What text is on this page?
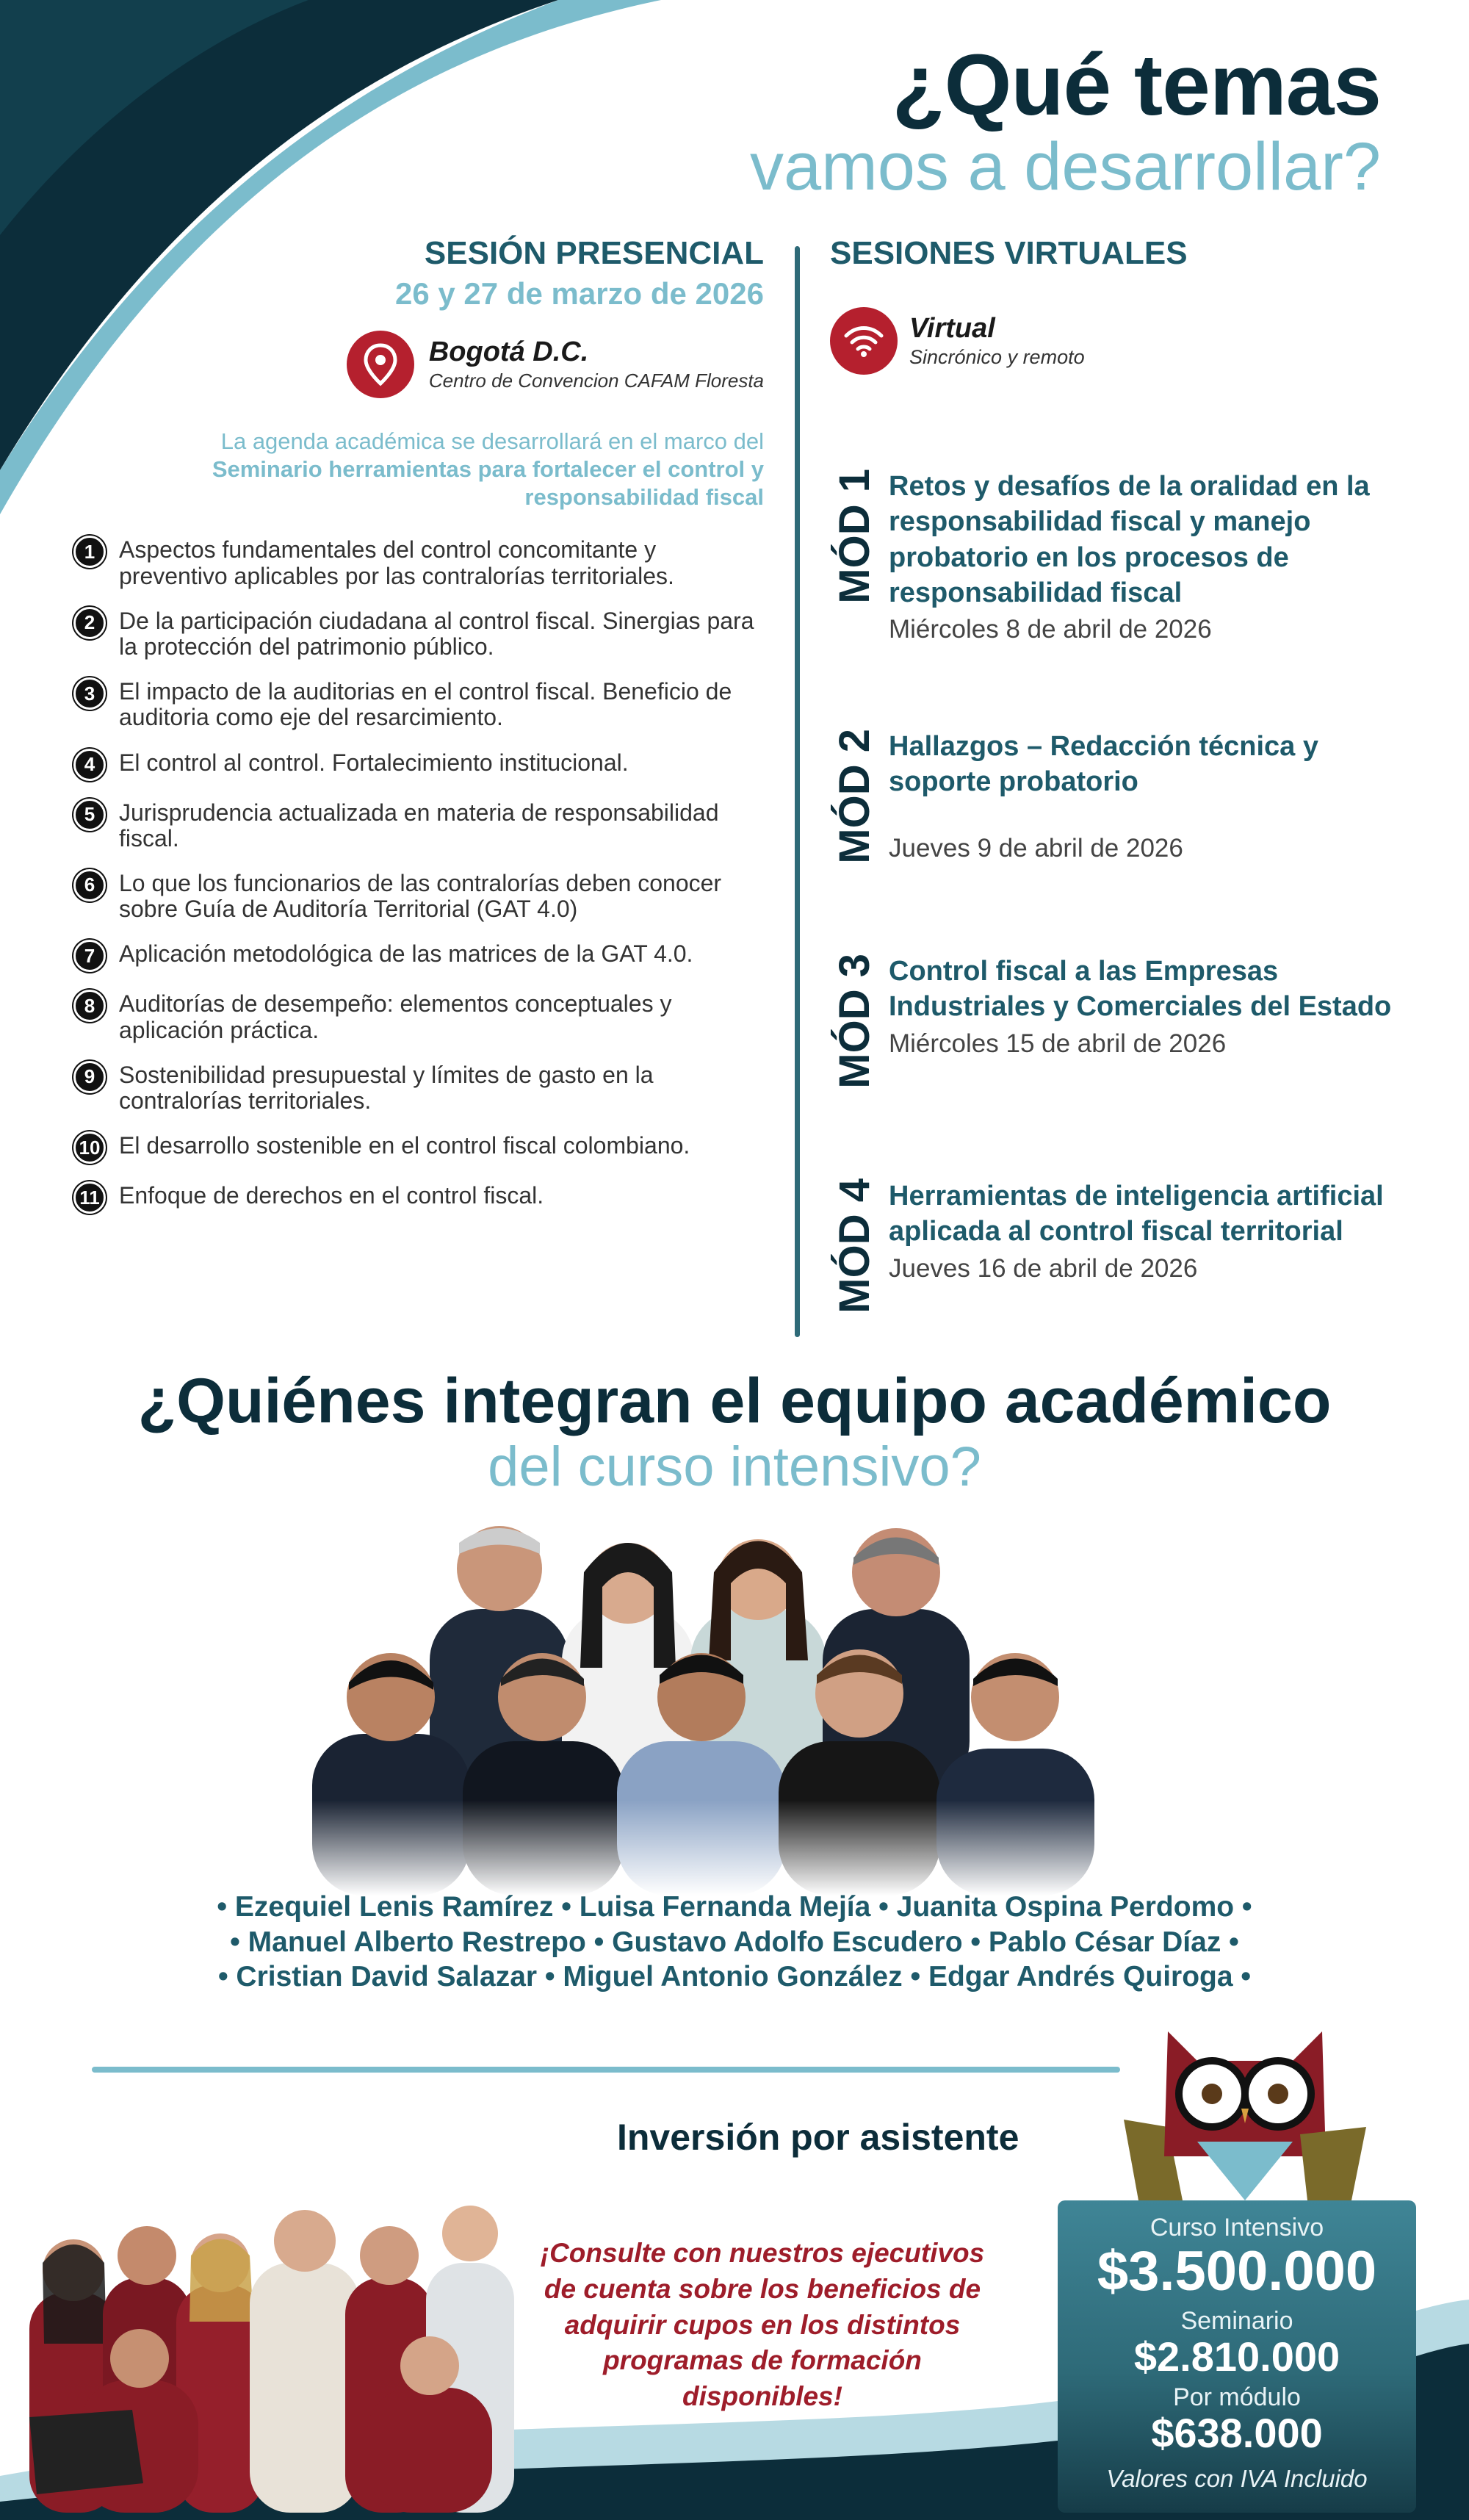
¿Qué temas
vamos a desarrollar?
SESIÓN PRESENCIAL
26 y 27 de marzo de 2026
Bogotá D.C.
Centro de Convencion CAFAM Floresta
La agenda académica se desarrollará en el marco del
Seminario herramientas para fortalecer el control y
responsabilidad fiscal
1	Aspectos fundamentales del control concomitante y preventivo aplicables por las contralorías territoriales.
2	De la participación ciudadana al control fiscal. Sinergias para la protección del patrimonio público.
3	El impacto de la auditorias en el control fiscal. Beneficio de auditoria como eje del resarcimiento.
4	El control al control. Fortalecimiento institucional.
5	Jurisprudencia actualizada en materia de responsabilidad fiscal.
6	Lo que los funcionarios de las contralorías deben conocer sobre Guía de Auditoría Territorial (GAT 4.0)
7	Aplicación metodológica de las matrices de la GAT 4.0.
8	Auditorías de desempeño: elementos conceptuales y aplicación práctica.
9	Sostenibilidad presupuestal y límites de gasto en la contralorías territoriales.
10 El desarrollo sostenible en el control fiscal colombiano.
11 Enfoque de derechos en el control fiscal.
SESIONES VIRTUALES
Virtual
Sincrónico y remoto
MÓD 1 Retos y desafíos de la oralidad en la responsabilidad fiscal y manejo probatorio en los procesos de responsabilidad fiscal
Miércoles 8 de abril de 2026
MÓD 2 Hallazgos – Redacción técnica y soporte probatorio
Jueves 9 de abril de 2026
MÓD 3 Control fiscal a las Empresas Industriales y Comerciales del Estado
Miércoles 15 de abril de 2026
MÓD 4 Herramientas de inteligencia artificial aplicada al control fiscal territorial
Jueves 16 de abril de 2026
¿Quiénes integran el equipo académico
del curso intensivo?
• Ezequiel Lenis Ramírez • Luisa Fernanda Mejía • Juanita Ospina Perdomo •
• Manuel Alberto Restrepo • Gustavo Adolfo Escudero • Pablo César Díaz •
• Cristian David Salazar • Miguel Antonio González • Edgar Andrés Quiroga •
Inversión por asistente
¡Consulte con nuestros ejecutivos de cuenta sobre los beneficios de adquirir cupos en los distintos programas de formación disponibles!
Curso Intensivo
$3.500.000
Seminario
$2.810.000
Por módulo
$638.000
Valores con IVA Incluido
